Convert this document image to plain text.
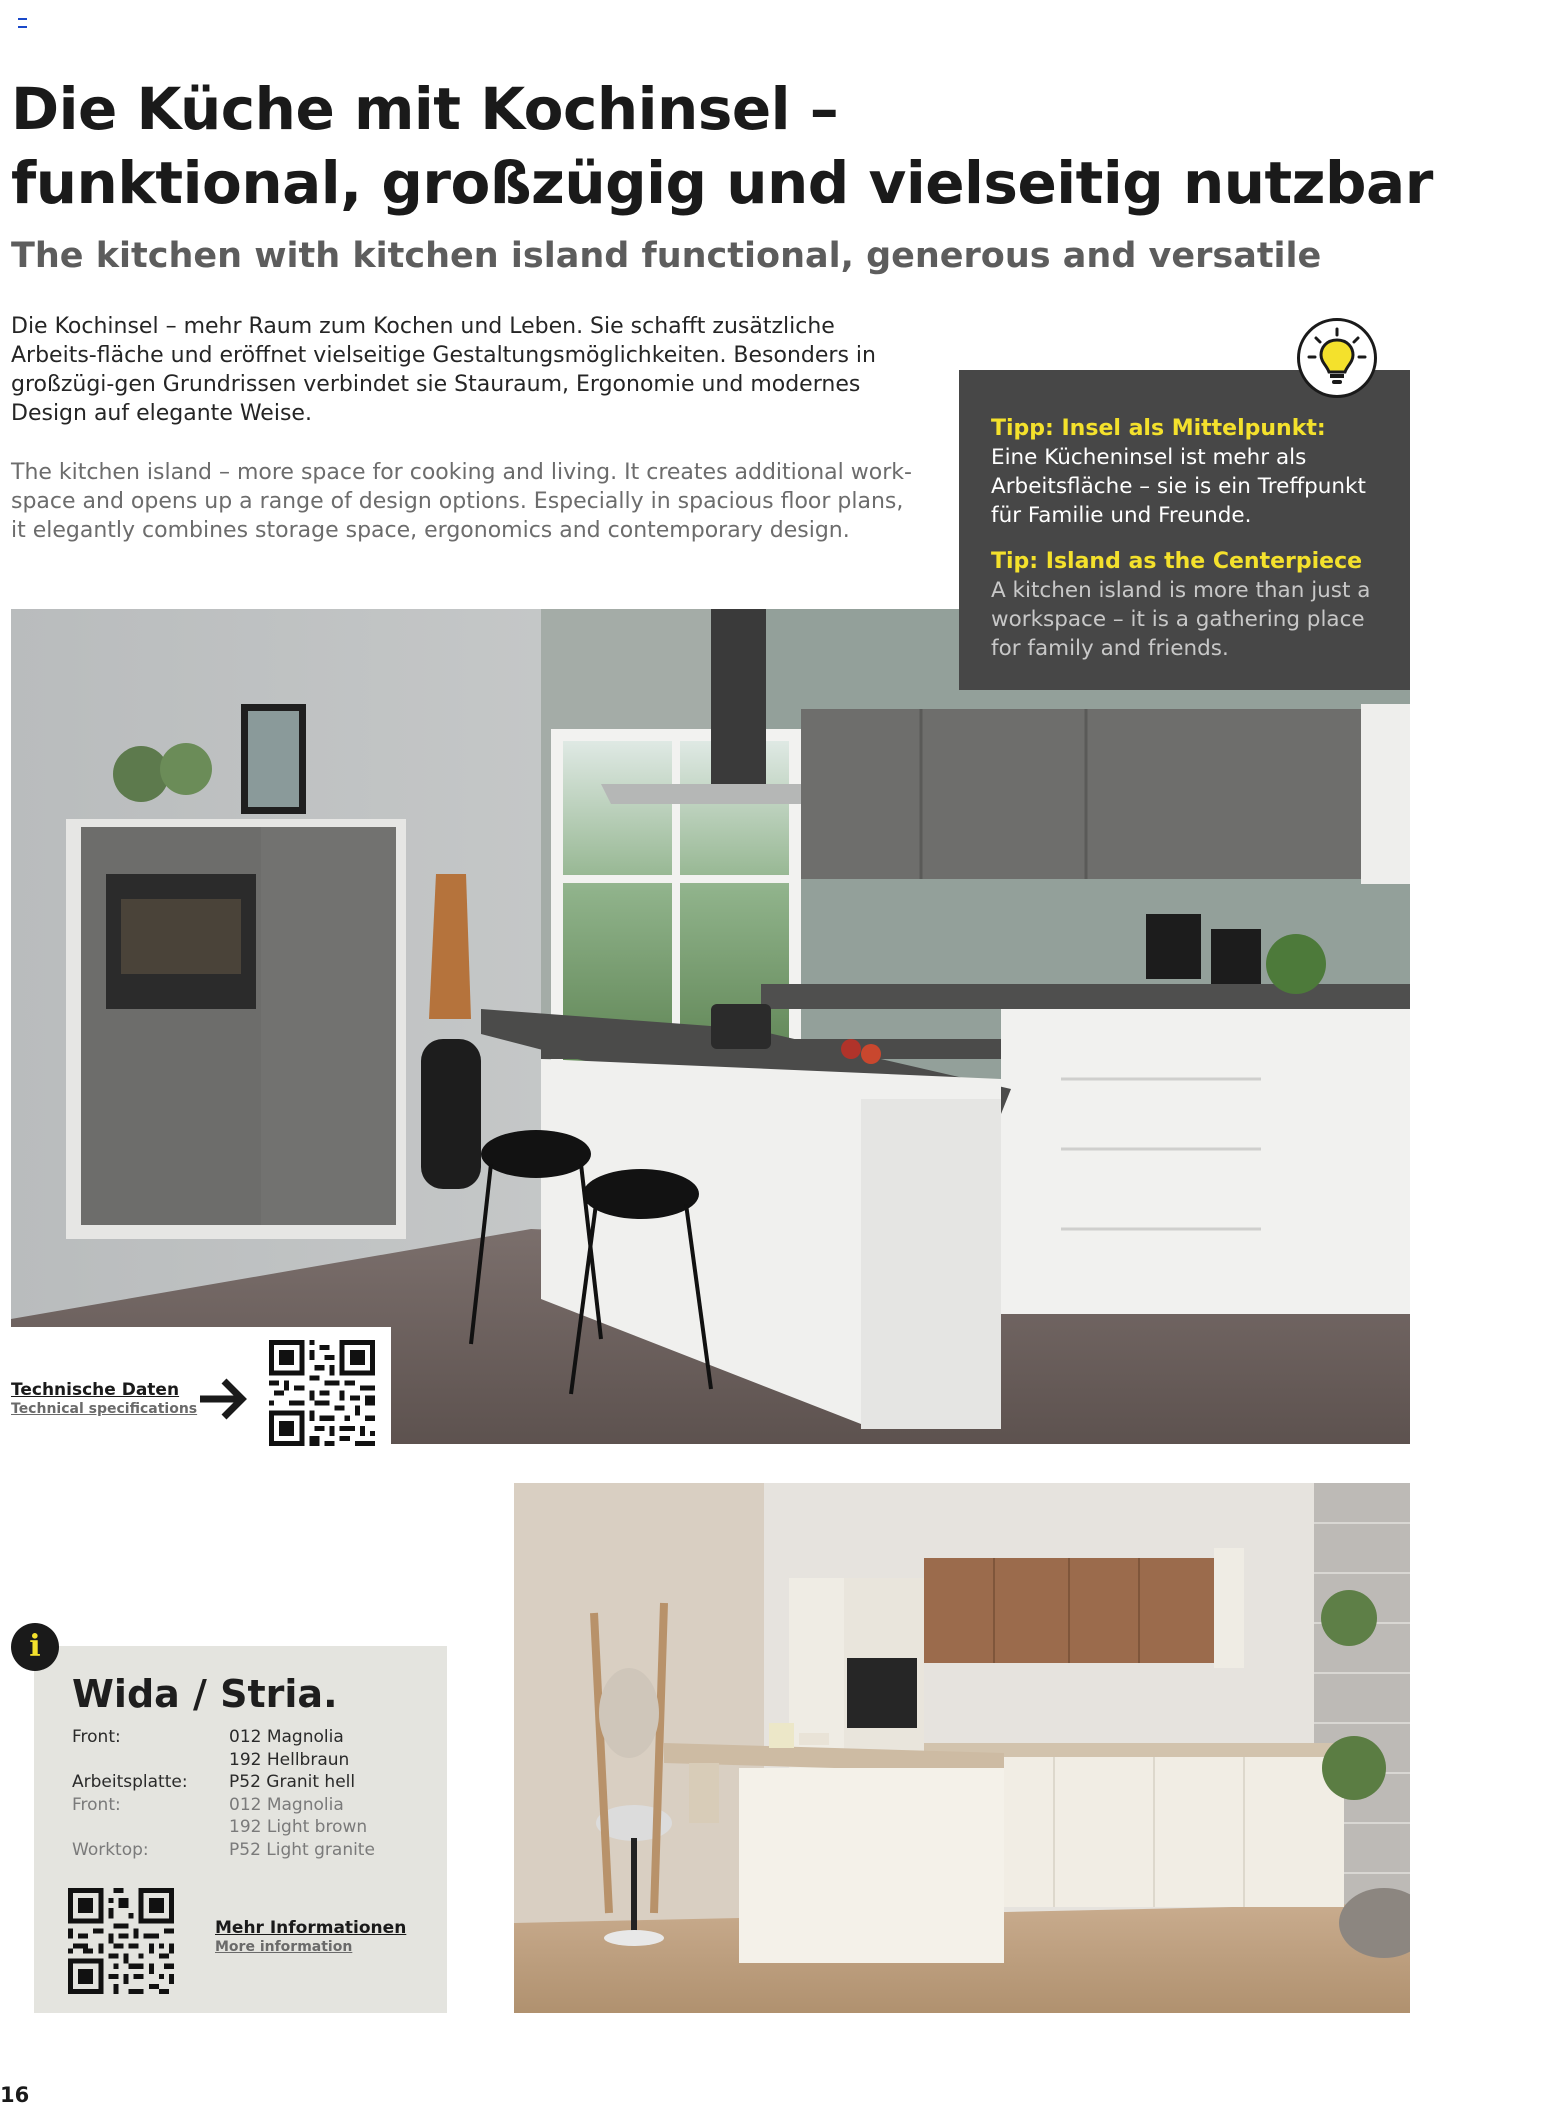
Die Küche mit Kochinsel –
funktional, großzügig und vielseitig nutzbar
The kitchen with kitchen island functional, generous and versatile

Die Kochinsel – mehr Raum zum Kochen und Leben. Sie schafft zusätzliche Arbeits-fläche und eröffnet vielseitige Gestaltungsmöglichkeiten. Besonders in großzügi-gen Grundrissen verbindet sie Stauraum, Ergonomie und modernes Design auf elegante Weise.

The kitchen island – more space for cooking and living. It creates additional work-space and opens up a range of design options. Especially in spacious floor plans, it elegantly combines storage space, ergonomics and contemporary design.

Tipp: Insel als Mittelpunkt:
Eine Kücheninsel ist mehr als Arbeitsfläche – sie is ein Treffpunkt für Familie und Freunde.
Tip: Island as the Centerpiece
A kitchen island is more than just a workspace – it is a gathering place for family and friends.
Technische Daten
Technical specifications
Wida / Stria.
Front:	012 Magnolia
	192 Hellbraun
Arbeitsplatte:	P52 Granit hell
Front:	012 Magnolia
	192 Light brown
Worktop:	P52 Light granite
Mehr Informationen
More information
i
16
